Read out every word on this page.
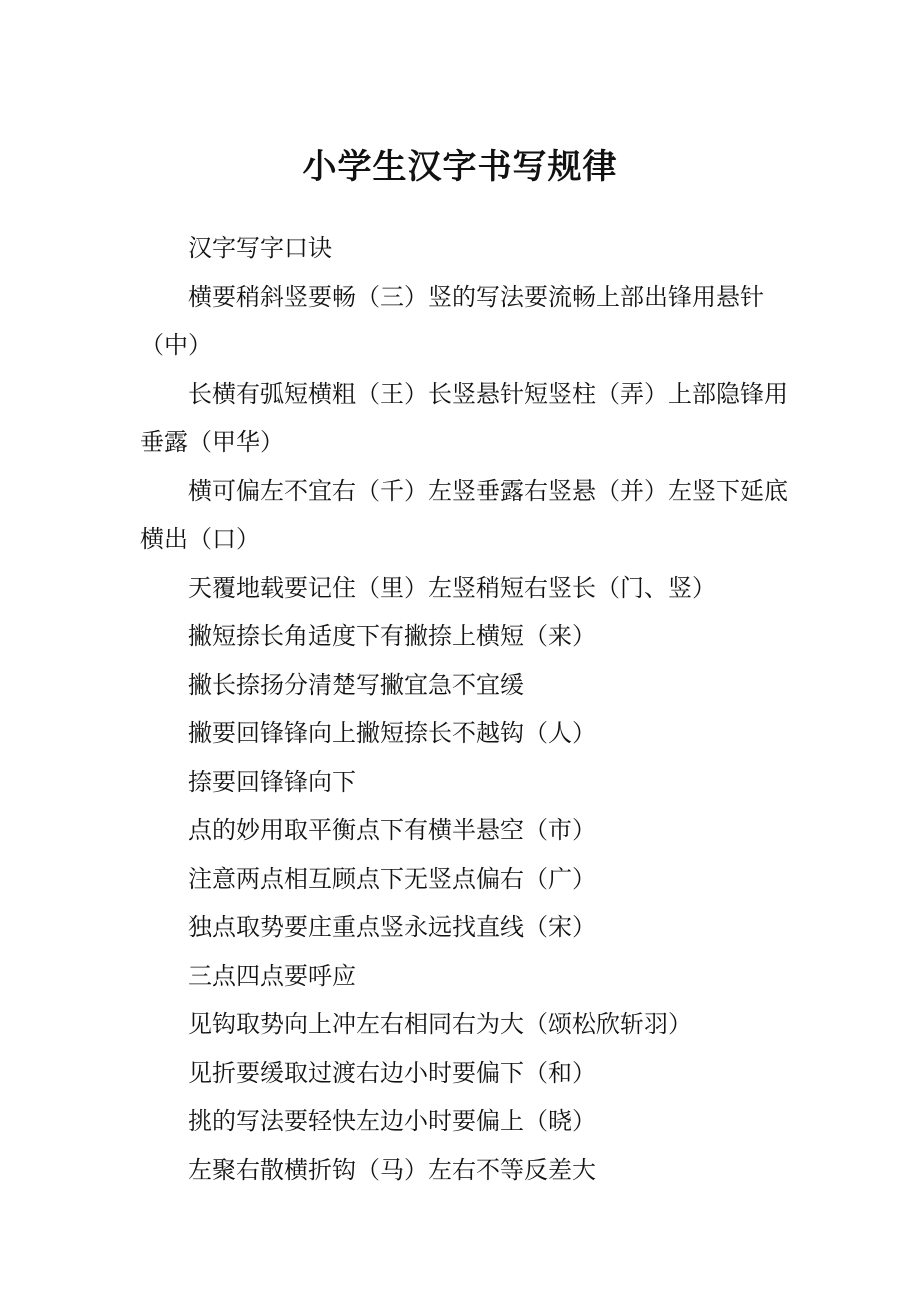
小学生汉字书写规律

汉字写字口诀

横要稍斜竖要畅（三）竖的写法要流畅上部出锋用悬针（中）

长横有弧短横粗（王）长竖悬针短竖柱（弄）上部隐锋用垂露（甲华）

横可偏左不宜右（千）左竖垂露右竖悬（并）左竖下延底横出（口）

天覆地载要记住（里）左竖稍短右竖长（门、竖）

撇短捺长角适度下有撇捺上横短（来）

撇长捺扬分清楚写撇宜急不宜缓

撇要回锋锋向上撇短捺长不越钩（人）

捺要回锋锋向下

点的妙用取平衡点下有横半悬空（市）

注意两点相互顾点下无竖点偏右（广）

独点取势要庄重点竖永远找直线（宋）

三点四点要呼应

见钩取势向上冲左右相同右为大（颂松欣斩羽）

见折要缓取过渡右边小时要偏下（和）

挑的写法要轻快左边小时要偏上（晓）

左聚右散横折钩（马）左右不等反差大
